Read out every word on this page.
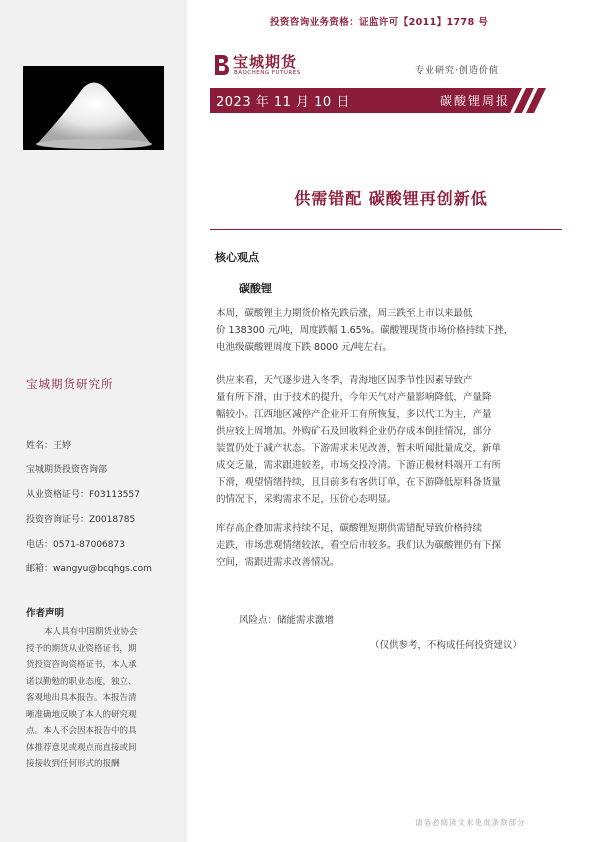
投资咨询业务资格：证监许可【2011】1778 号
宝城期货
BAOCHENG FUTURES	专业研究·创造价值
2023 年 11 月 10 日	碳酸锂周报
供需错配 碳酸锂再创新低
核心观点
碳酸锂
本周，碳酸锂主力期货价格先跌后涨，周三跌至上市以来最低
价 138300 元/吨，周度跌幅 1.65%。碳酸锂现货市场价格持续下挫，
电池级碳酸锂周度下跌 8000 元/吨左右。
供应来看，天气逐步进入冬季，青海地区因季节性因素导致产
量有所下滑，由于技术的提升，今年天气对产量影响降低，产量降
幅较小。江西地区减停产企业开工有所恢复，多以代工为主，产量
供应较上周增加。外购矿石及回收料企业仍存成本倒挂情况，部分
装置仍处于减产状态。下游需求未见改善，暂未听闻批量成交，新单
成交乏量，需求跟进较差，市场交投冷清。下游正极材料端开工有所
下滑，观望情绪持续，且目前多有客供订单，在下游降低原料备货量
的情况下，采购需求不足，压价心态明显。
库存高企叠加需求持续不足，碳酸锂短期供需错配导致价格持续
走跌，市场悲观情绪较浓，看空后市较多。我们认为碳酸锂仍有下探
空间，需跟进需求改善情况。
风险点：储能需求激增
（仅供参考，不构成任何投资建议）
宝城期货研究所
姓名：王婷
宝城期货投资咨询部
从业资格证号：F03113557
投资咨询证号：Z0018785
电话：0571-87006873
邮箱：wangyu@bcqhgs.com
作者声明
本人具有中国期货业协会
授予的期货从业资格证书，期
货投资咨询资格证书，本人承
诺以勤勉的职业态度，独立、
客观地出具本报告。本报告清
晰准确地反映了本人的研究观
点。本人不会因本报告中的具
体推荐意见或观点而直接或间
接接收到任何形式的报酬
请务必阅读文末免责条款部分
